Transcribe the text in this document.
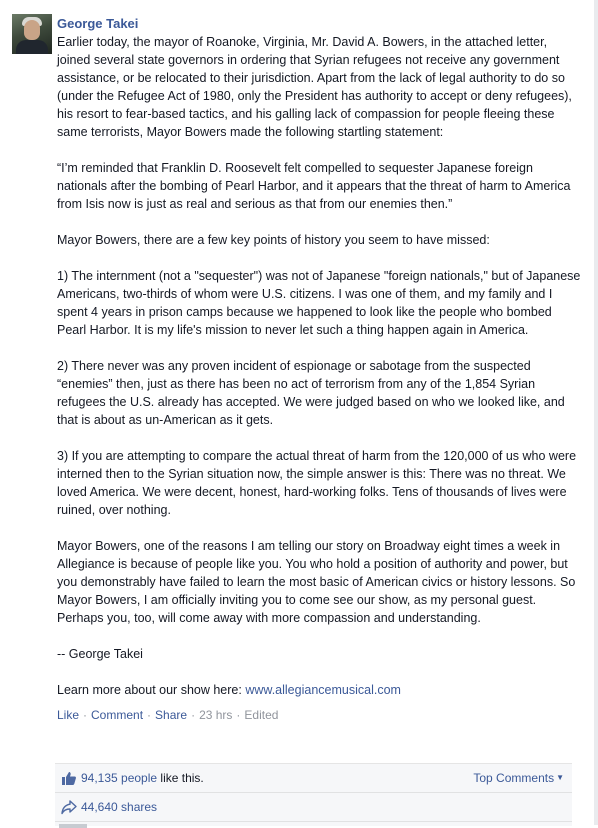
George Takei

Earlier today, the mayor of Roanoke, Virginia, Mr. David A. Bowers, in the attached letter, joined several state governors in ordering that Syrian refugees not receive any government assistance, or be relocated to their jurisdiction. Apart from the lack of legal authority to do so (under the Refugee Act of 1980, only the President has authority to accept or deny refugees), his resort to fear-based tactics, and his galling lack of compassion for people fleeing these same terrorists, Mayor Bowers made the following startling statement:

“I’m reminded that Franklin D. Roosevelt felt compelled to sequester Japanese foreign nationals after the bombing of Pearl Harbor, and it appears that the threat of harm to America from Isis now is just as real and serious as that from our enemies then.”

Mayor Bowers, there are a few key points of history you seem to have missed:

1) The internment (not a "sequester") was not of Japanese "foreign nationals," but of Japanese Americans, two-thirds of whom were U.S. citizens. I was one of them, and my family and I spent 4 years in prison camps because we happened to look like the people who bombed Pearl Harbor. It is my life's mission to never let such a thing happen again in America.

2) There never was any proven incident of espionage or sabotage from the suspected “enemies” then, just as there has been no act of terrorism from any of the 1,854 Syrian refugees the U.S. already has accepted. We were judged based on who we looked like, and that is about as un-American as it gets.

3) If you are attempting to compare the actual threat of harm from the 120,000 of us who were interned then to the Syrian situation now, the simple answer is this: There was no threat. We loved America. We were decent, honest, hard-working folks. Tens of thousands of lives were ruined, over nothing.

Mayor Bowers, one of the reasons I am telling our story on Broadway eight times a week in Allegiance is because of people like you. You who hold a position of authority and power, but you demonstrably have failed to learn the most basic of American civics or history lessons. So Mayor Bowers, I am officially inviting you to come see our show, as my personal guest. Perhaps you, too, will come away with more compassion and understanding.

-- George Takei

Learn more about our show here: www.allegiancemusical.com

Like · Comment · Share · 23 hrs · Edited
94,135 people like this.	Top Comments ▼
44,640 shares
